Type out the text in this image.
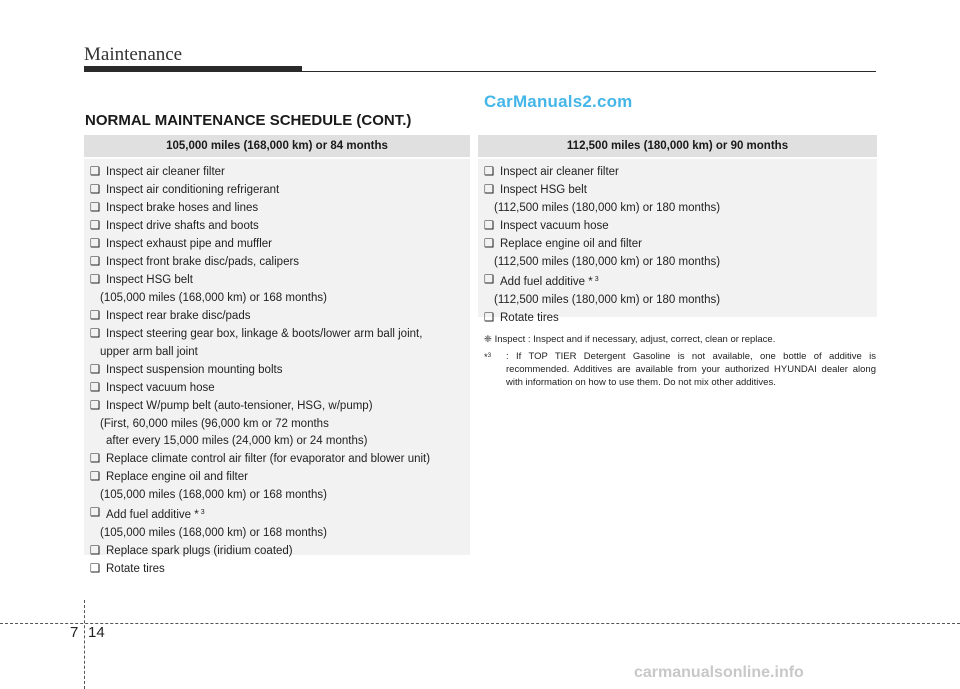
Maintenance
CarManuals2.com
NORMAL MAINTENANCE SCHEDULE (CONT.)
105,000 miles (168,000 km) or 84 months
❑ Inspect air cleaner filter
❑ Inspect air conditioning refrigerant
❑ Inspect brake hoses and lines
❑ Inspect drive shafts and boots
❑ Inspect exhaust pipe and muffler
❑ Inspect front brake disc/pads, calipers
❑ Inspect HSG belt
(105,000 miles (168,000 km) or 168 months)
❑ Inspect rear brake disc/pads
❑ Inspect steering gear box, linkage & boots/lower arm ball joint,
upper arm ball joint
❑ Inspect suspension mounting bolts
❑ Inspect vacuum hose
❑ Inspect W/pump belt (auto-tensioner, HSG, w/pump)
(First, 60,000 miles (96,000 km or 72 months
after every 15,000 miles (24,000 km) or 24 months)
❑ Replace climate control air filter (for evaporator and blower unit)
❑ Replace engine oil and filter
(105,000 miles (168,000 km) or 168 months)
❑ Add fuel additive * $^3$
(105,000 miles (168,000 km) or 168 months)
❑ Replace spark plugs (iridium coated)
❑ Rotate tires
112,500 miles (180,000 km) or 90 months
❑ Inspect air cleaner filter
❑ Inspect HSG belt
(112,500 miles (180,000 km) or 180 months)
❑ Inspect vacuum hose
❑ Replace engine oil and filter
(112,500 miles (180,000 km) or 180 months)
❑ Add fuel additive * $^3$
(112,500 miles (180,000 km) or 180 months)
❑ Rotate tires
❈ Inspect : Inspect and if necessary, adjust, correct, clean or replace.
*$^3$	: If TOP TIER Detergent Gasoline is not available, one bottle of additive is recommended. Additives are available from your authorized HYUNDAI dealer along with information on how to use them. Do not mix other additives.
7 14
carmanualsonline.info
